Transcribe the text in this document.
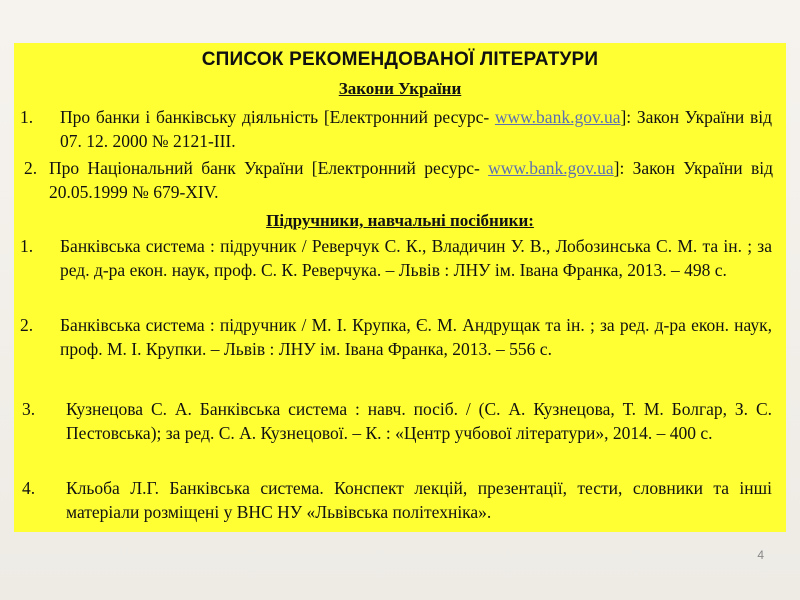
СПИСОК РЕКОМЕНДОВАНОЇ ЛІТЕРАТУРИ
Закони України
1. Про банки і банківську діяльність [Електронний ресурс- www.bank.gov.ua]: Закон України від 07. 12. 2000 № 2121-ІІІ.
2. Про Національний банк України [Електронний ресурс- www.bank.gov.ua]: Закон України від 20.05.1999 № 679-XIV.
Підручники, навчальні посібники:
1. Банківська система : підручник / Реверчук С. К., Владичин У. В., Лобозинська С. М. та ін. ; за ред. д-ра екон. наук, проф. С. К. Реверчука. – Львів : ЛНУ ім. Івана Франка, 2013. – 498 с.
2. Банківська система : підручник / М. І. Крупка, Є. М. Андрущак та ін. ; за ред. д-ра екон. наук, проф. М. І. Крупки. – Львів : ЛНУ ім. Івана Франка, 2013. – 556 с.
3. Кузнецова С. А. Банківська система : навч. посіб. / (С. А. Кузнецова, Т. М. Болгар, З. С. Пестовська); за ред. С. А. Кузнецової. – К. : «Центр учбової літератури», 2014. – 400 с.
4. Кльоба Л.Г. Банківська система. Конспект лекцій, презентації, тести, словники та інші матеріали розміщені у ВНС НУ «Львівська політехніка».
4
